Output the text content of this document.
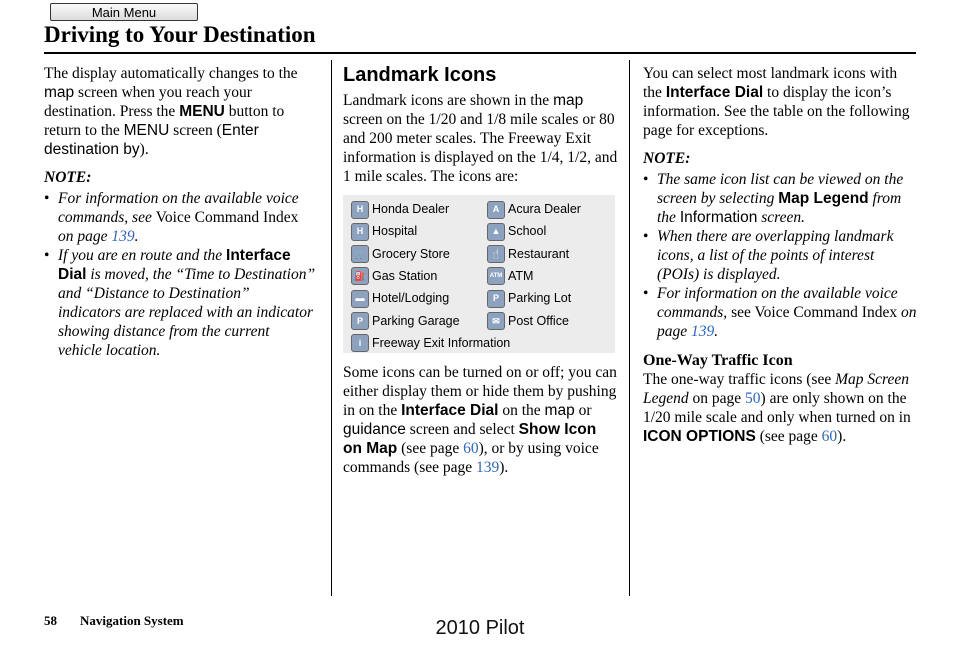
Main Menu
Driving to Your Destination

The display automatically changes to the map screen when you reach your destination. Press the MENU button to return to the MENU screen (Enter destination by).

NOTE:

• For information on the available voice commands, see Voice Command Index on page 139.
• If you are en route and the Interface Dial is moved, the “Time to Destination” and “Distance to Destination” indicators are replaced with an indicator showing distance from the current vehicle location.

Landmark Icons

Landmark icons are shown in the map screen on the 1/20 and 1/8 mile scales or 80 and 200 meter scales. The Freeway Exit information is displayed on the 1/4, 1/2, and 1 mile scales. The icons are:

H Honda Dealer	A Acura Dealer
H Hospital	▲ School
🛒 Grocery Store	🍴 Restaurant
⛽ Gas Station	ATM ATM
▬ Hotel/Lodging	P Parking Lot
P Parking Garage	✉ Post Office
i Freeway Exit Information

Some icons can be turned on or off; you can either display them or hide them by pushing in on the Interface Dial on the map or guidance screen and select Show Icon on Map (see page 60), or by using voice commands (see page 139).

You can select most landmark icons with the Interface Dial to display the icon’s information. See the table on the following page for exceptions.

NOTE:

• The same icon list can be viewed on the screen by selecting Map Legend from the Information screen.
• When there are overlapping landmark icons, a list of the points of interest (POIs) is displayed.
• For information on the available voice commands, see Voice Command Index on page 139.

One-Way Traffic Icon

The one-way traffic icons (see Map Screen Legend on page 50) are only shown on the 1/20 mile scale and only when turned on in ICON OPTIONS (see page 60).

58 Navigation System	2010 Pilot
